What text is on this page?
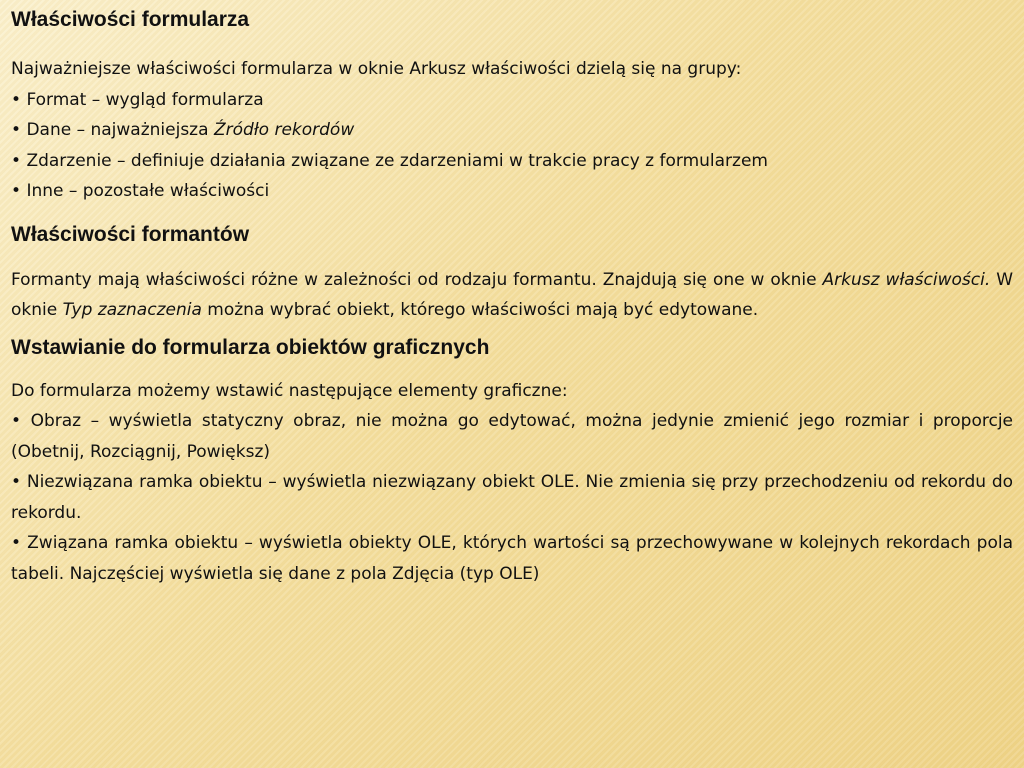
Właściwości formularza

Najważniejsze właściwości formularza w oknie Arkusz właściwości dzielą się na grupy:

• Format – wygląd formularza

• Dane – najważniejsza Źródło rekordów

• Zdarzenie – definiuje działania związane ze zdarzeniami w trakcie pracy z formularzem

• Inne – pozostałe właściwości

Właściwości formantów

Formanty mają właściwości różne w zależności od rodzaju formantu. Znajdują się one w oknie Arkusz właściwości. W oknie Typ zaznaczenia można wybrać obiekt, którego właściwości mają być edytowane.

Wstawianie do formularza obiektów graficznych

Do formularza możemy wstawić następujące elementy graficzne:

• Obraz – wyświetla statyczny obraz, nie można go edytować, można jedynie zmienić jego rozmiar i proporcje (Obetnij, Rozciągnij, Powiększ)

• Niezwiązana ramka obiektu – wyświetla niezwiązany obiekt OLE. Nie zmienia się przy przechodzeniu od rekordu do rekordu.

• Związana ramka obiektu – wyświetla obiekty OLE, których wartości są przechowywane w kolejnych rekordach pola tabeli. Najczęściej wyświetla się dane z pola Zdjęcia (typ OLE)
